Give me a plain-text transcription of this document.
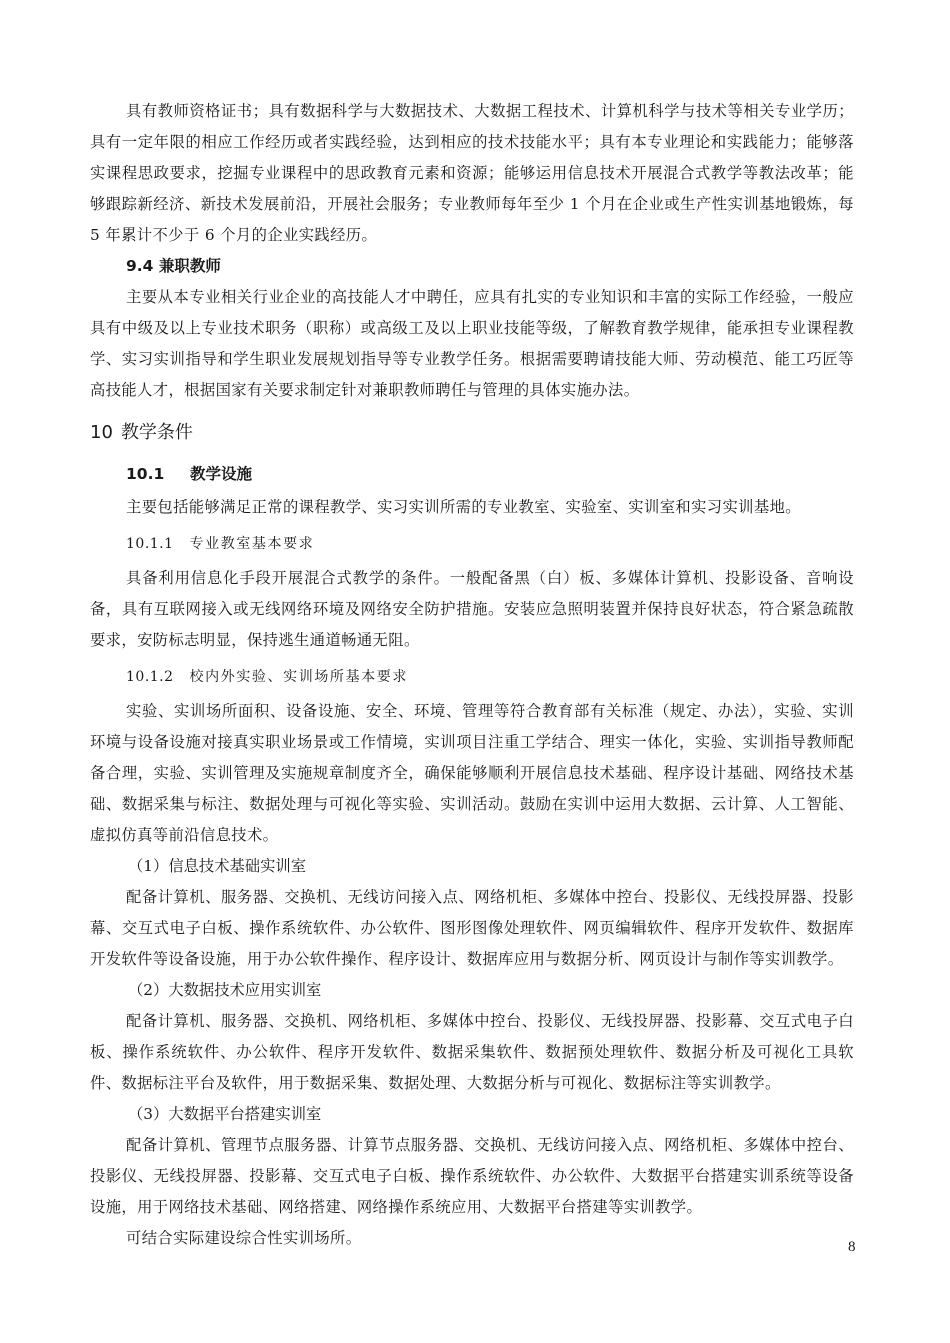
具有教师资格证书；具有数据科学与大数据技术、大数据工程技术、计算机科学与技术等相关专业学历；具有一定年限的相应工作经历或者实践经验，达到相应的技术技能水平；具有本专业理论和实践能力；能够落实课程思政要求，挖掘专业课程中的思政教育元素和资源；能够运用信息技术开展混合式教学等教法改革；能够跟踪新经济、新技术发展前沿，开展社会服务；专业教师每年至少 1 个月在企业或生产性实训基地锻炼，每 5 年累计不少于 6 个月的企业实践经历。

9.4 兼职教师

主要从本专业相关行业企业的高技能人才中聘任，应具有扎实的专业知识和丰富的实际工作经验，一般应具有中级及以上专业技术职务（职称）或高级工及以上职业技能等级，了解教育教学规律，能承担专业课程教学、实习实训指导和学生职业发展规划指导等专业教学任务。根据需要聘请技能大师、劳动模范、能工巧匠等高技能人才，根据国家有关要求制定针对兼职教师聘任与管理的具体实施办法。

10 教学条件
10.1 教学设施

主要包括能够满足正常的课程教学、实习实训所需的专业教室、实验室、实训室和实习实训基地。

10.1.1 专业教室基本要求

具备利用信息化手段开展混合式教学的条件。一般配备黑（白）板、多媒体计算机、投影设备、音响设备，具有互联网接入或无线网络环境及网络安全防护措施。安装应急照明装置并保持良好状态，符合紧急疏散要求，安防标志明显，保持逃生通道畅通无阻。

10.1.2 校内外实验、实训场所基本要求

实验、实训场所面积、设备设施、安全、环境、管理等符合教育部有关标准（规定、办法），实验、实训环境与设备设施对接真实职业场景或工作情境，实训项目注重工学结合、理实一体化，实验、实训指导教师配备合理，实验、实训管理及实施规章制度齐全，确保能够顺利开展信息技术基础、程序设计基础、网络技术基础、数据采集与标注、数据处理与可视化等实验、实训活动。鼓励在实训中运用大数据、云计算、人工智能、虚拟仿真等前沿信息技术。

（1）信息技术基础实训室

配备计算机、服务器、交换机、无线访问接入点、网络机柜、多媒体中控台、投影仪、无线投屏器、投影幕、交互式电子白板、操作系统软件、办公软件、图形图像处理软件、网页编辑软件、程序开发软件、数据库开发软件等设备设施，用于办公软件操作、程序设计、数据库应用与数据分析、网页设计与制作等实训教学。

（2）大数据技术应用实训室

配备计算机、服务器、交换机、网络机柜、多媒体中控台、投影仪、无线投屏器、投影幕、交互式电子白板、操作系统软件、办公软件、程序开发软件、数据采集软件、数据预处理软件、数据分析及可视化工具软件、数据标注平台及软件，用于数据采集、数据处理、大数据分析与可视化、数据标注等实训教学。

（3）大数据平台搭建实训室

配备计算机、管理节点服务器、计算节点服务器、交换机、无线访问接入点、网络机柜、多媒体中控台、投影仪、无线投屏器、投影幕、交互式电子白板、操作系统软件、办公软件、大数据平台搭建实训系统等设备设施，用于网络技术基础、网络搭建、网络操作系统应用、大数据平台搭建等实训教学。

可结合实际建设综合性实训场所。	8
